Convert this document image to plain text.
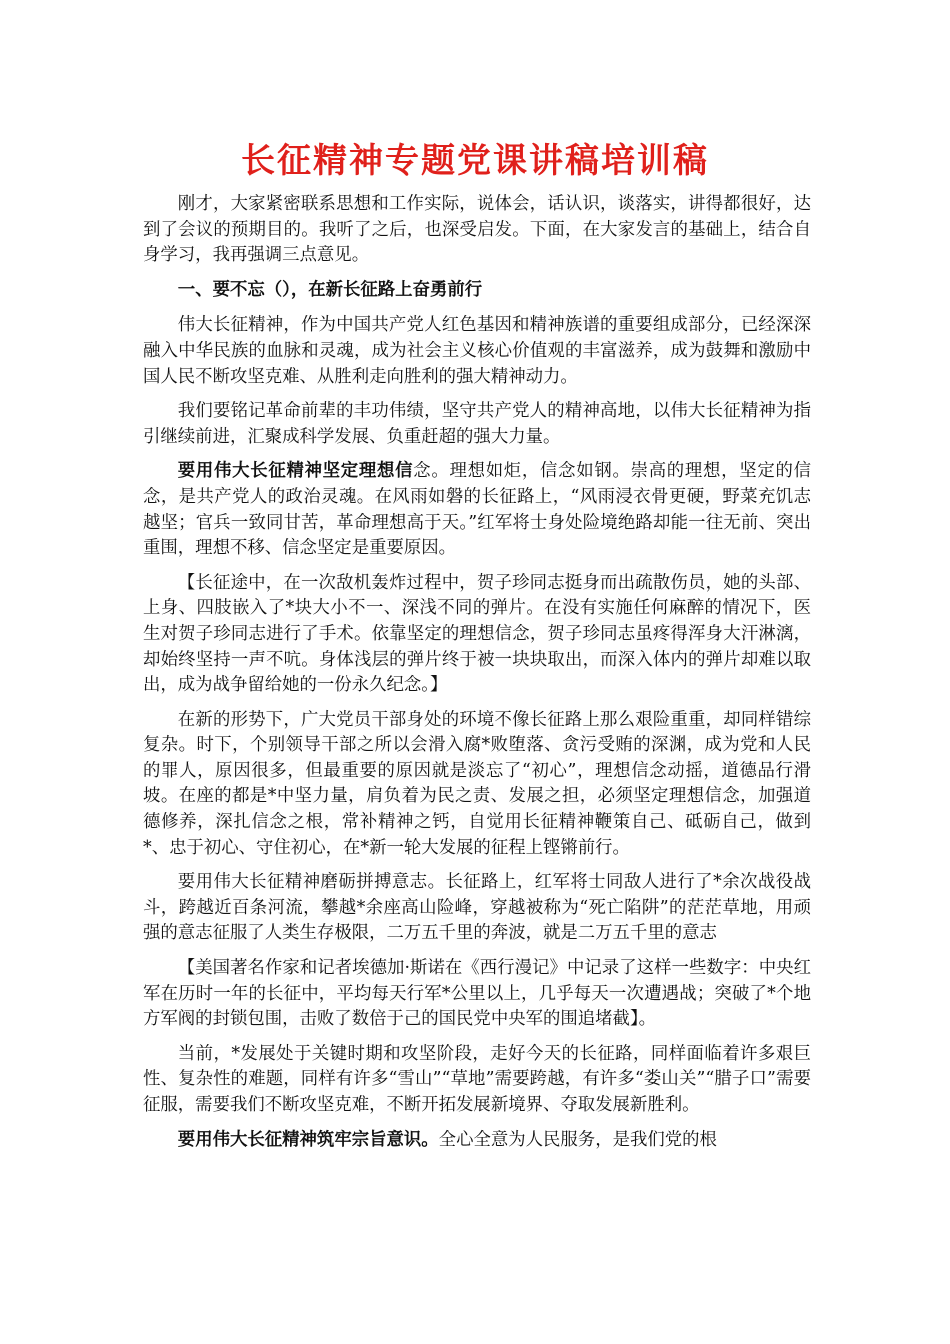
长征精神专题党课讲稿培训稿

刚才，大家紧密联系思想和工作实际，说体会，话认识，谈落实，讲得都很好，达到了会议的预期目的。我听了之后，也深受启发。下面，在大家发言的基础上，结合自身学习，我再强调三点意见。

一、要不忘（），在新长征路上奋勇前行

伟大长征精神，作为中国共产党人红色基因和精神族谱的重要组成部分，已经深深融入中华民族的血脉和灵魂，成为社会主义核心价值观的丰富滋养，成为鼓舞和激励中国人民不断攻坚克难、从胜利走向胜利的强大精神动力。

我们要铭记革命前辈的丰功伟绩，坚守共产党人的精神高地，以伟大长征精神为指引继续前进，汇聚成科学发展、负重赶超的强大力量。

要用伟大长征精神坚定理想信念。理想如炬，信念如钢。崇高的理想，坚定的信念，是共产党人的政治灵魂。在风雨如磐的长征路上，“风雨浸衣骨更硬，野菜充饥志越坚；官兵一致同甘苦，革命理想高于天。”红军将士身处险境绝路却能一往无前、突出重围，理想不移、信念坚定是重要原因。

【长征途中，在一次敌机轰炸过程中，贺子珍同志挺身而出疏散伤员，她的头部、上身、四肢嵌入了*块大小不一、深浅不同的弹片。在没有实施任何麻醉的情况下，医生对贺子珍同志进行了手术。依靠坚定的理想信念，贺子珍同志虽疼得浑身大汗淋漓，却始终坚持一声不吭。身体浅层的弹片终于被一块块取出，而深入体内的弹片却难以取出，成为战争留给她的一份永久纪念。】

在新的形势下，广大党员干部身处的环境不像长征路上那么艰险重重，却同样错综复杂。时下，个别领导干部之所以会滑入腐*败堕落、贪污受贿的深渊，成为党和人民的罪人，原因很多，但最重要的原因就是淡忘了“初心”，理想信念动摇，道德品行滑坡。在座的都是*中坚力量，肩负着为民之责、发展之担，必须坚定理想信念，加强道德修养，深扎信念之根，常补精神之钙，自觉用长征精神鞭策自己、砥砺自己，做到*、忠于初心、守住初心，在*新一轮大发展的征程上铿锵前行。

要用伟大长征精神磨砺拼搏意志。长征路上，红军将士同敌人进行了*余次战役战斗，跨越近百条河流，攀越*余座高山险峰，穿越被称为“死亡陷阱”的茫茫草地，用顽强的意志征服了人类生存极限，二万五千里的奔波，就是二万五千里的意志

【美国著名作家和记者埃德加·斯诺在《西行漫记》中记录了这样一些数字：中央红军在历时一年的长征中，平均每天行军*公里以上，几乎每天一次遭遇战；突破了*个地方军阀的封锁包围，击败了数倍于己的国民党中央军的围追堵截】。

当前，*发展处于关键时期和攻坚阶段，走好今天的长征路，同样面临着许多艰巨性、复杂性的难题，同样有许多“雪山”“草地”需要跨越，有许多“娄山关”“腊子口”需要征服，需要我们不断攻坚克难，不断开拓发展新境界、夺取发展新胜利。

要用伟大长征精神筑牢宗旨意识。全心全意为人民服务，是我们党的根
